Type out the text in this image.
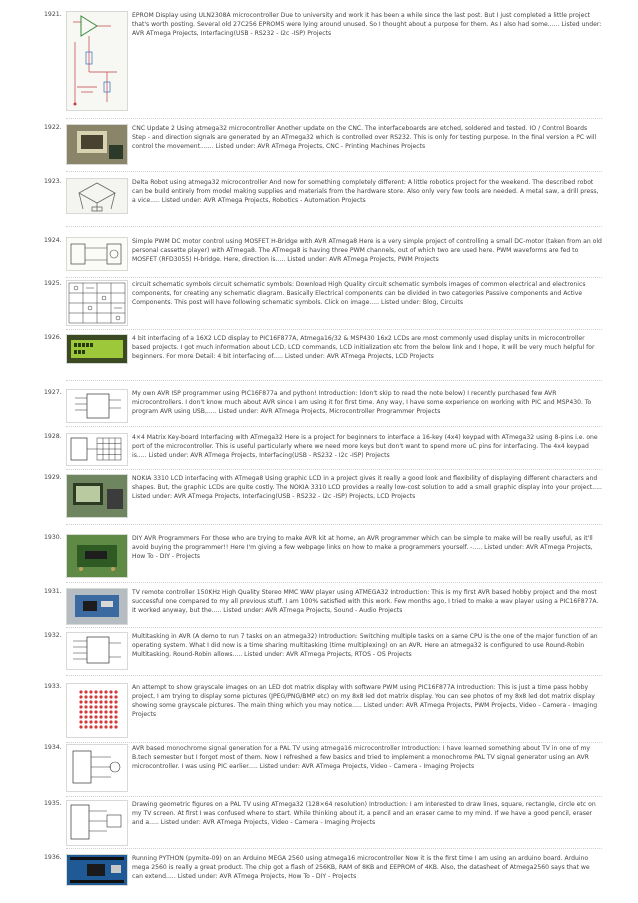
1921.	EPROM Display using ULN2308A microcontroller Due to university and work it has been a while since the last post. But I just completed a little project that's worth posting. Several old 27C256 EPROMS were lying around unused. So I thought about a purpose for them. As I also had some...... Listed under: AVR ATmega Projects, Interfacing(USB - RS232 - I2c -ISP) Projects

1922.	CNC Update 2 Using atmega32 microcontroller Another update on the CNC. The interfaceboards are etched, soldered and tested. IO / Control Boards Step - and direction signals are generated by an ATmega32 which is controlled over RS232. This is only for testing purpose. In the final version a PC will control the movement....... Listed under: AVR ATmega Projects, CNC - Printing Machines Projects

1923.	Delta Robot using atmega32 microcontroller And now for something completely different: A little robotics project for the weekend. The described robot can be build entirely from model making supplies and materials from the hardware store. Also only very few tools are needed. A metal saw, a drill press, a vice..... Listed under: AVR ATmega Projects, Robotics - Automation Projects

1924.	Simple PWM DC motor control using MOSFET H-Bridge with AVR ATmega8 Here is a very simple project of controlling a small DC-motor (taken from an old personal cassette player) with ATmega8. The ATmega8 is having three PWM channels, out of which two are used here. PWM waveforms are fed to MOSFET (RFD3055) H-bridge. Here, direction is..... Listed under: AVR ATmega Projects, PWM Projects

1925.	circuit schematic symbols circuit schematic symbols: Download High Quality circuit schematic symbols images of common electrical and electronics components, for creating any schematic diagram. Basically Electrical components can be divided in two categories Passive components and Active Components. This post will have following schematic symbols. Click on image..... Listed under: Blog, Circuits

1926.	4 bit interfacing of a 16X2 LCD display to PIC16F877A, Atmega16/32 & MSP430 16x2 LCDs are most commonly used display units in microcontroller based projects. I got much information about LCD, LCD commands, LCD initialization etc from the below link and I hope, it will be very much helpful for beginners. For more Detail: 4 bit interfacing of..... Listed under: AVR ATmega Projects, LCD Projects

1927.	My own AVR ISP programmer using PIC16F877a and python! Introduction: (don't skip to read the note below) I recently purchased few AVR microcontrollers. I don't know much about AVR since I am using it for first time. Any way, I have some experience on working with PIC and MSP430. To program AVR using USB,..... Listed under: AVR ATmega Projects, Microcontroller Programmer Projects

1928.	4×4 Matrix Key-board Interfacing with ATmega32 Here is a project for beginners to interface a 16-key (4x4) keypad with ATmega32 using 8-pins i.e. one port of the microcontroller. This is useful particularly where we need more keys but don't want to spend more uC pins for interfacing. The 4x4 keypad is..... Listed under: AVR ATmega Projects, Interfacing(USB - RS232 - I2c -ISP) Projects

1929.	NOKIA 3310 LCD interfacing with ATmega8 Using graphic LCD in a project gives it really a good look and flexibility of displaying different characters and shapes. But, the graphic LCDs are quite costly. The NOKIA 3310 LCD provides a really low-cost solution to add a small graphic display into your project..... Listed under: AVR ATmega Projects, Interfacing(USB - RS232 - I2c -ISP) Projects, LCD Projects

1930.	DIY AVR Programmers For those who are trying to make AVR kit at home, an AVR programmer which can be simple to make will be really useful, as it'll avoid buying the programmer!! Here I'm giving a few webpage links on how to make a programmers yourself. -..... Listed under: AVR ATmega Projects, How To - DIY - Projects

1931.	TV remote controller 150KHz High Quality Stereo MMC WAV player using ATMEGA32 Introduction: This is my first AVR based hobby project and the most successful one compared to my all previous stuff. I am 100% satisfied with this work. Few months ago, I tried to make a wav player using a PIC16F877A. It worked anyway, but the..... Listed under: AVR ATmega Projects, Sound - Audio Projects

1932.	Multitasking in AVR (A demo to run 7 tasks on an atmega32) Introduction: Switching multiple tasks on a same CPU is the one of the major function of an operating system. What I did now is a time sharing multitasking (time multiplexing) on an AVR. Here an atmega32 is configured to use Round-Robin Multitasking. Round-Robin allows..... Listed under: AVR ATmega Projects, RTOS - OS Projects

1933.	An attempt to show grayscale images on an LED dot matrix display with software PWM using PIC16F877A Introduction: This is just a time pass hobby project, I am trying to display some pictures (JPEG/PNG/BMP etc) on my 8x8 led dot matrix display. You can see photos of my 8x8 led dot matrix display showing some grayscale pictures. The main thing which you may notice..... Listed under: AVR ATmega Projects, PWM Projects, Video - Camera - Imaging Projects

1934.	AVR based monochrome signal generation for a PAL TV using atmega16 microcontroller Introduction: I have learned something about TV in one of my B.tech semester but I forgot most of them. Now I refreshed a few basics and tried to implement a monochrome PAL TV signal generator using an AVR microcontroller. I was using PIC earlier..... Listed under: AVR ATmega Projects, Video - Camera - Imaging Projects

1935.	Drawing geometric figures on a PAL TV using ATmega32 (128×64 resolution) Introduction: I am interested to draw lines, square, rectangle, circle etc on my TV screen. At first I was confused where to start. While thinking about it, a pencil and an eraser came to my mind. If we have a good pencil, eraser and a..... Listed under: AVR ATmega Projects, Video - Camera - Imaging Projects

1936.	Running PYTHON (pymite-09) on an Arduino MEGA 2560 using atmega16 microcontroller Now it is the first time I am using an arduino board. Arduino mega 2560 is really a great product. The chip got a flash of 256KB, RAM of 8KB and EEPROM of 4KB. Also, the datasheet of Atmega2560 says that we can extend..... Listed under: AVR ATmega Projects, How To - DIY - Projects
